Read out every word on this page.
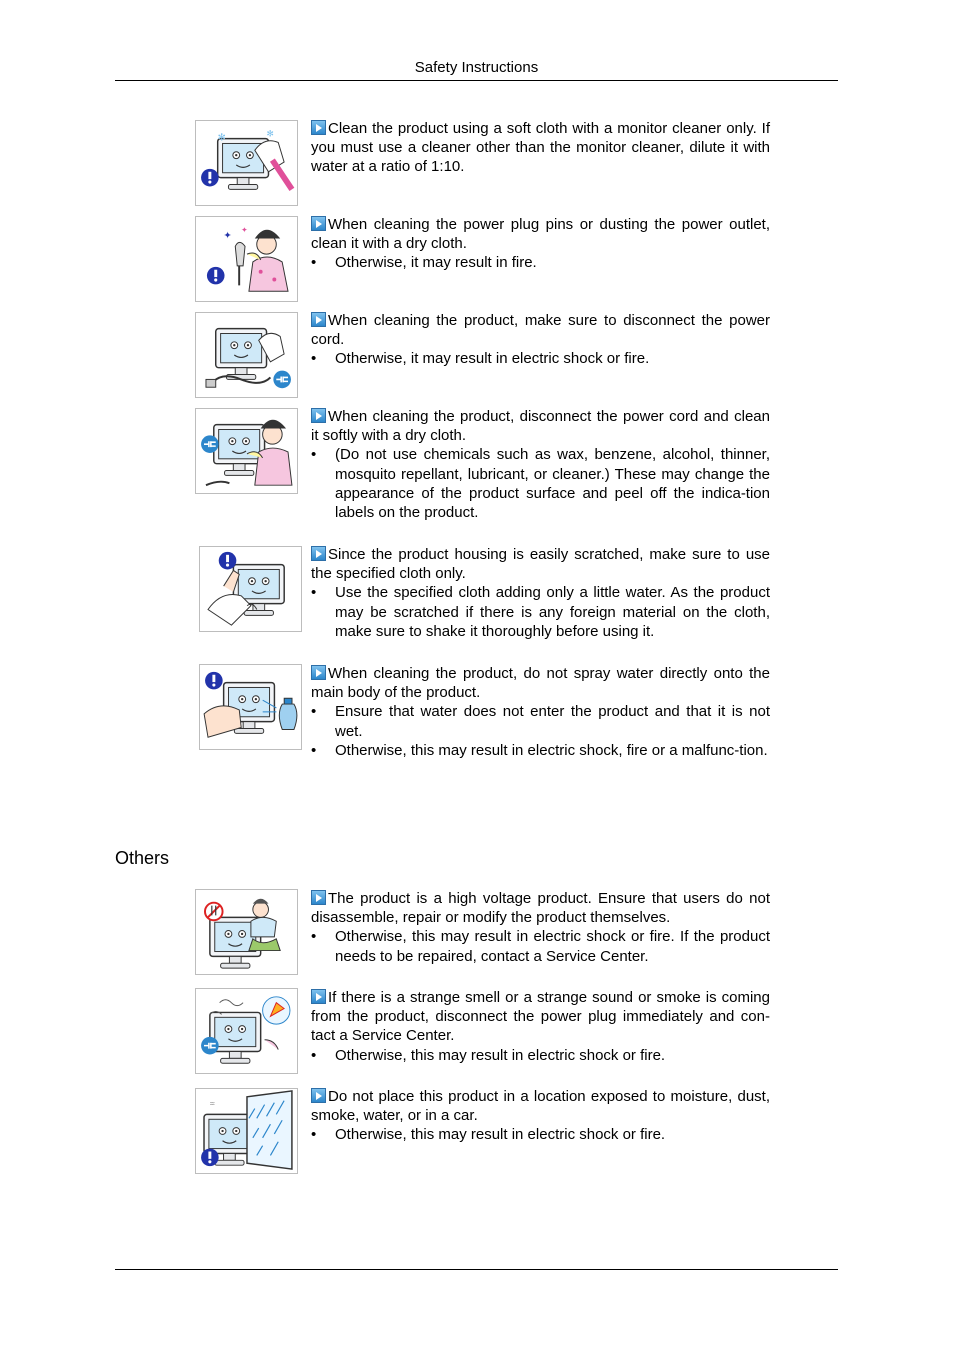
Safety Instructions
✻	✻	Clean the product using a soft cloth with a monitor cleaner only. If you must use a cleaner other than the monitor cleaner, dilute it with water at a ratio of 1:10.

✦
✦	When cleaning the power plug pins or dusting the power outlet, clean it with a dry cloth.

• Otherwise, it may result in fire.

When cleaning the product, make sure to disconnect the power cord.

• Otherwise, it may result in electric shock or fire.

When cleaning the product, disconnect the power cord and clean it softly with a dry cloth.

• (Do not use chemicals such as wax, benzene, alcohol, thinner, mosquito repellant, lubricant, or cleaner.) These may change the appearance of the product surface and peel off the indica-tion labels on the product.

Since the product housing is easily scratched, make sure to use the specified cloth only.

• Use the specified cloth adding only a little water. As the product may be scratched if there is any foreign material on the cloth, make sure to shake it thoroughly before using it.

When cleaning the product, do not spray water directly onto the main body of the product.

• Ensure that water does not enter the product and that it is not wet.

• Otherwise, this may result in electric shock, fire or a malfunc-tion.

The product is a high voltage product. Ensure that users do not disassemble, repair or modify the product themselves.

• Otherwise, this may result in electric shock or fire. If the product needs to be repaired, contact a Service Center.

If there is a strange smell or a strange sound or smoke is coming from the product, disconnect the power plug immediately and con-tact a Service Center.

• Otherwise, this may result in electric shock or fire.

≈	Do not place this product in a location exposed to moisture, dust, smoke, water, or in a car.

• Otherwise, this may result in electric shock or fire.

Others
